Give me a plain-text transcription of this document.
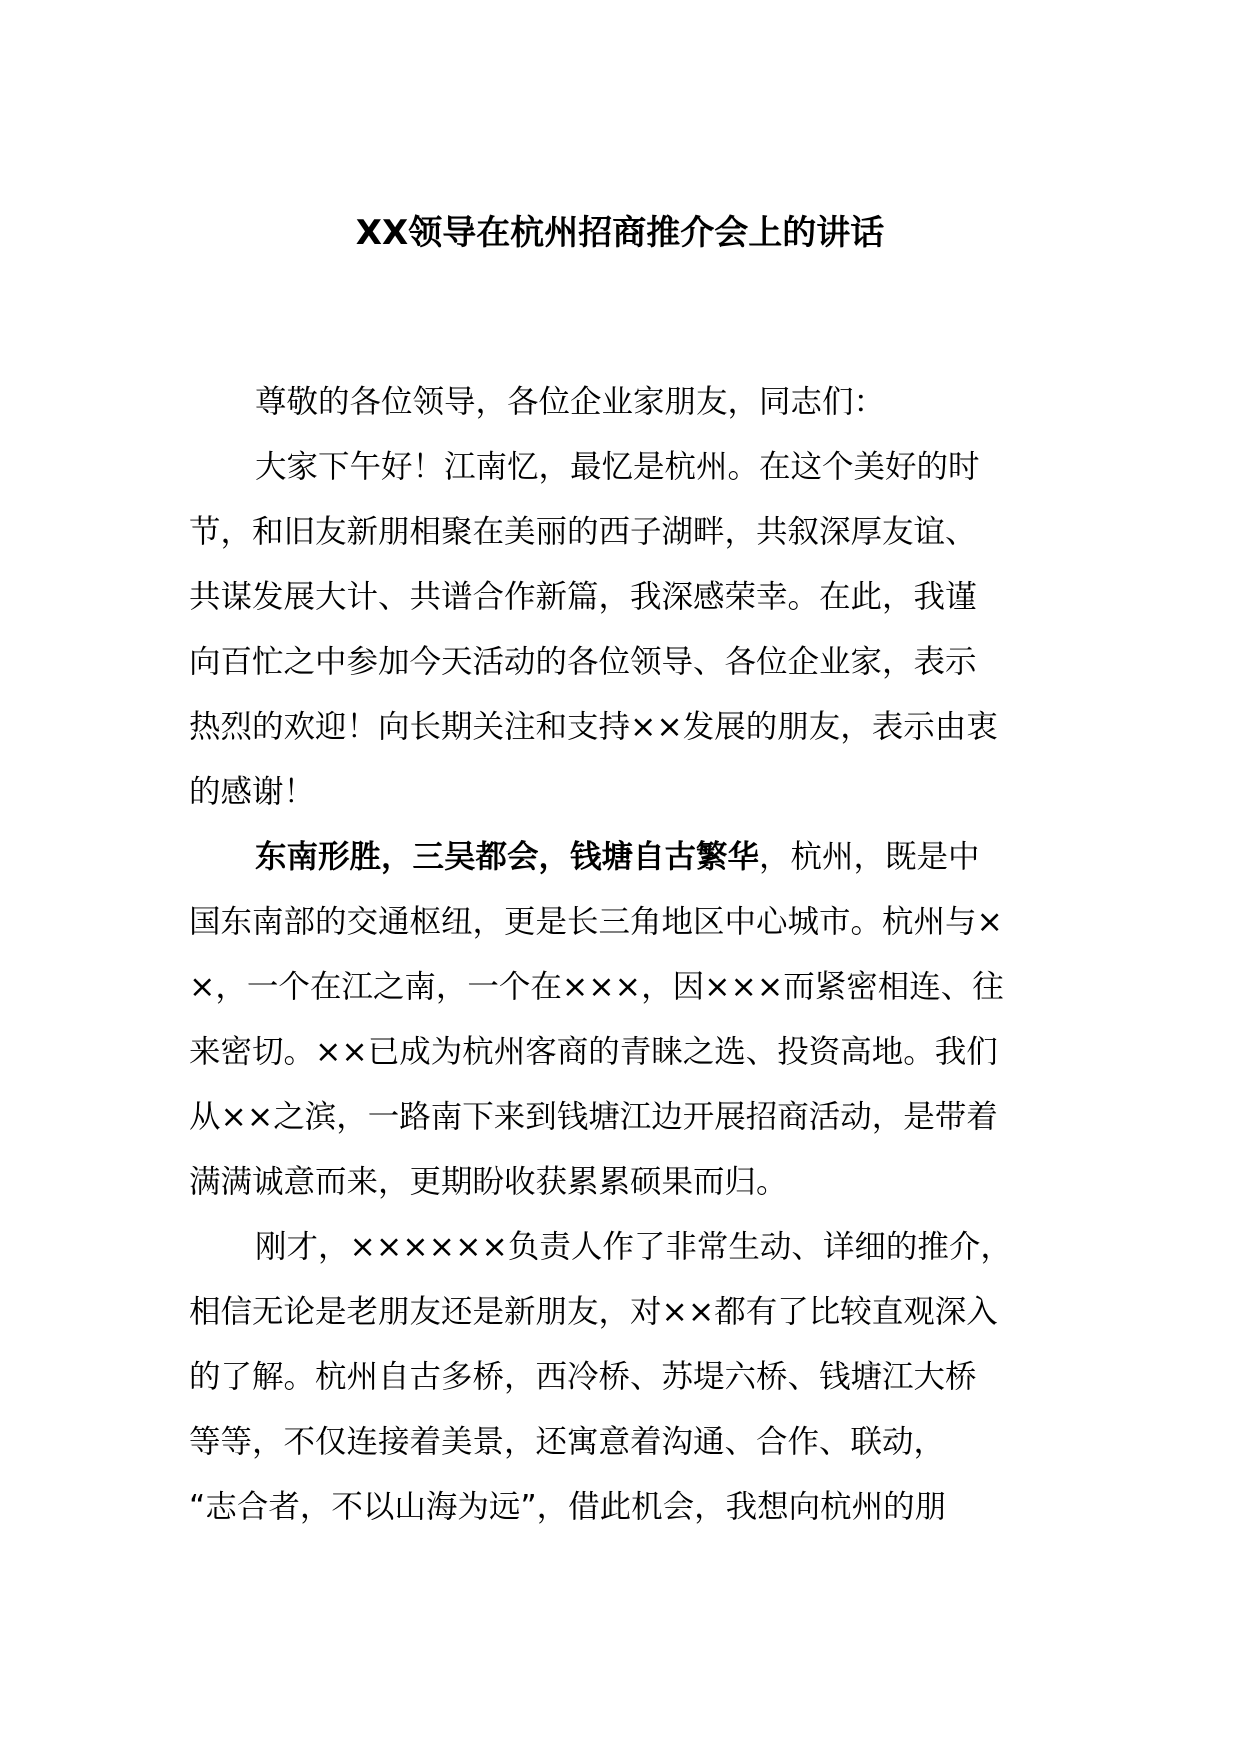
XX领导在杭州招商推介会上的讲话
尊敬的各位领导，各位企业家朋友，同志们：
大家下午好！江南忆，最忆是杭州。在这个美好的时
节，和旧友新朋相聚在美丽的西子湖畔，共叙深厚友谊、
共谋发展大计、共谱合作新篇，我深感荣幸。在此，我谨
向百忙之中参加今天活动的各位领导、各位企业家，表示
热烈的欢迎！向长期关注和支持××发展的朋友，表示由衷
的感谢！
东南形胜，三吴都会，钱塘自古繁华，杭州，既是中
国东南部的交通枢纽，更是长三角地区中心城市。杭州与×
×，一个在江之南，一个在×××，因×××而紧密相连、往
来密切。××已成为杭州客商的青睐之选、投资高地。我们
从××之滨，一路南下来到钱塘江边开展招商活动，是带着
满满诚意而来，更期盼收获累累硕果而归。
刚才，××××××负责人作了非常生动、详细的推介，
相信无论是老朋友还是新朋友，对××都有了比较直观深入
的了解。杭州自古多桥，西冷桥、苏堤六桥、钱塘江大桥
等等，不仅连接着美景，还寓意着沟通、合作、联动，
“志合者，不以山海为远”，借此机会，我想向杭州的朋
